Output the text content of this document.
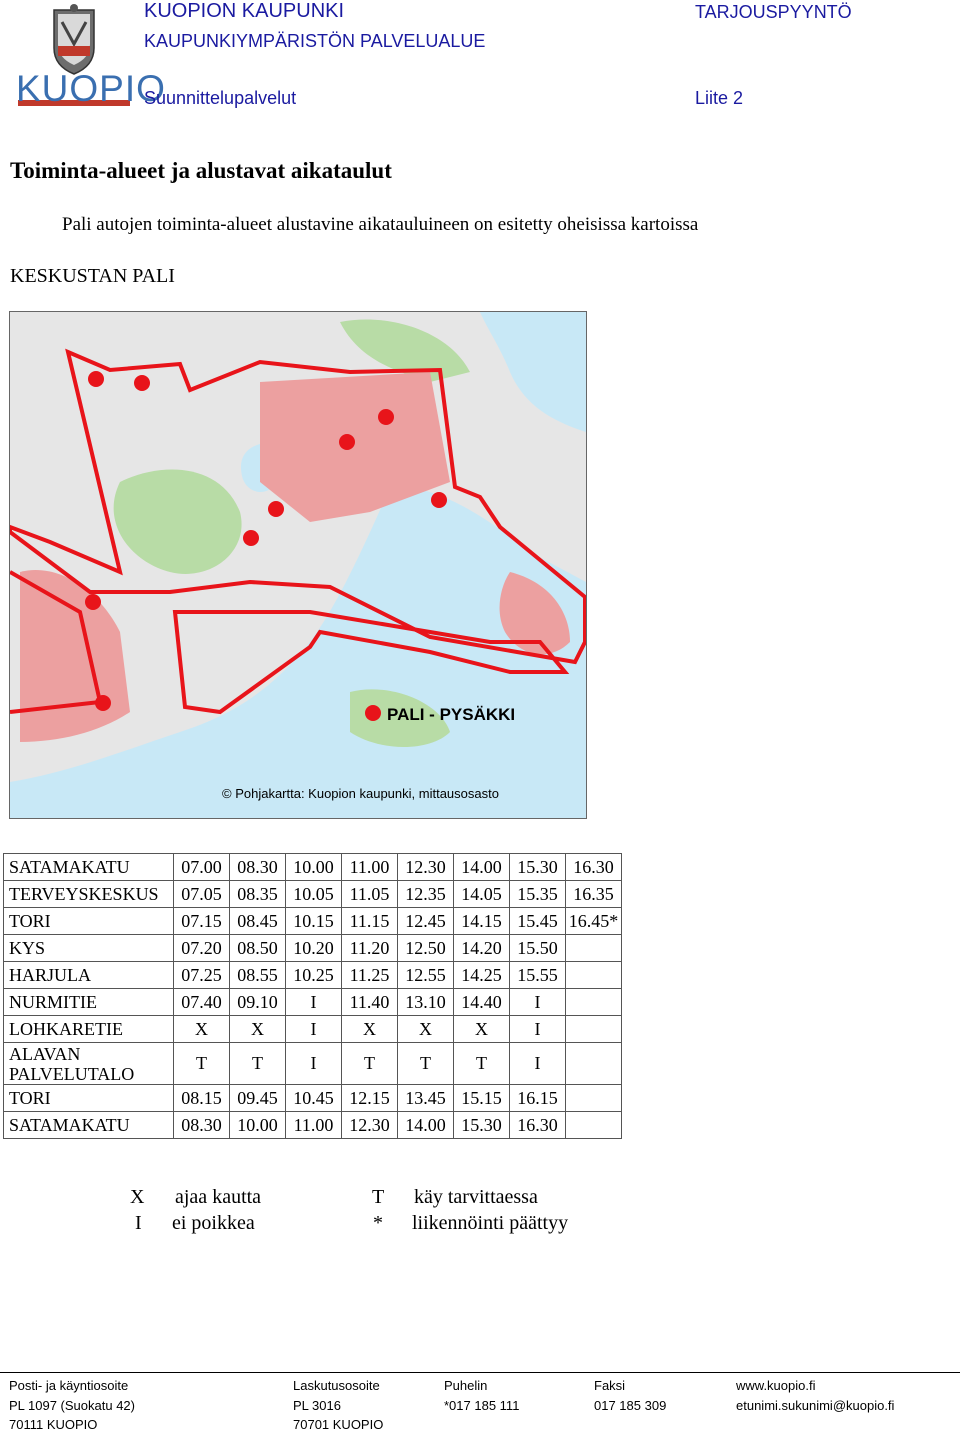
KUOPIO
KUOPION KAUPUNKI	TARJOUSPYYNTÖ
KAUPUNKIYMPÄRISTÖN PALVELUALUE
Suunnittelupalvelut	Liite 2
Toiminta-alueet ja alustavat aikataulut
Pali autojen toiminta-alueet alustavine aikatauluineen on esitetty oheisissa kartoissa
KESKUSTAN PALI
PALI - PYSÄKKI
© Pohjakartta: Kuopion kaupunki, mittausosasto
SATAMAKATU	07.00	08.30	10.00	11.00	12.30	14.00	15.30	16.30
TERVEYSKESKUS	07.05	08.35	10.05	11.05	12.35	14.05	15.35	16.35
TORI	07.15	08.45	10.15	11.15	12.45	14.15	15.45	16.45*
KYS	07.20	08.50	10.20	11.20	12.50	14.20	15.50	
HARJULA	07.25	08.55	10.25	11.25	12.55	14.25	15.55	
NURMITIE	07.40	09.10	I	11.40	13.10	14.40	I	
LOHKARETIE	X	X	I	X	X	X	I	

ALAVAN
PALVELUTALO	T	T	I	T	T	T	I	
TORI	08.15	09.45	10.45	12.15	13.45	15.15	16.15	
SATAMAKATU	08.30	10.00	11.00	12.30	14.00	15.30	16.30	
X ajaa kautta	T käy tarvittaessa
I ei poikkea	* liikennöinti päättyy
Posti- ja käyntiosoite	Laskutusosoite	Puhelin	Faksi	www.kuopio.fi
PL 1097 (Suokatu 42)	PL 3016	*017 185 111	017 185 309	etunimi.sukunimi@kuopio.fi
70111 KUOPIO	70701 KUOPIO
